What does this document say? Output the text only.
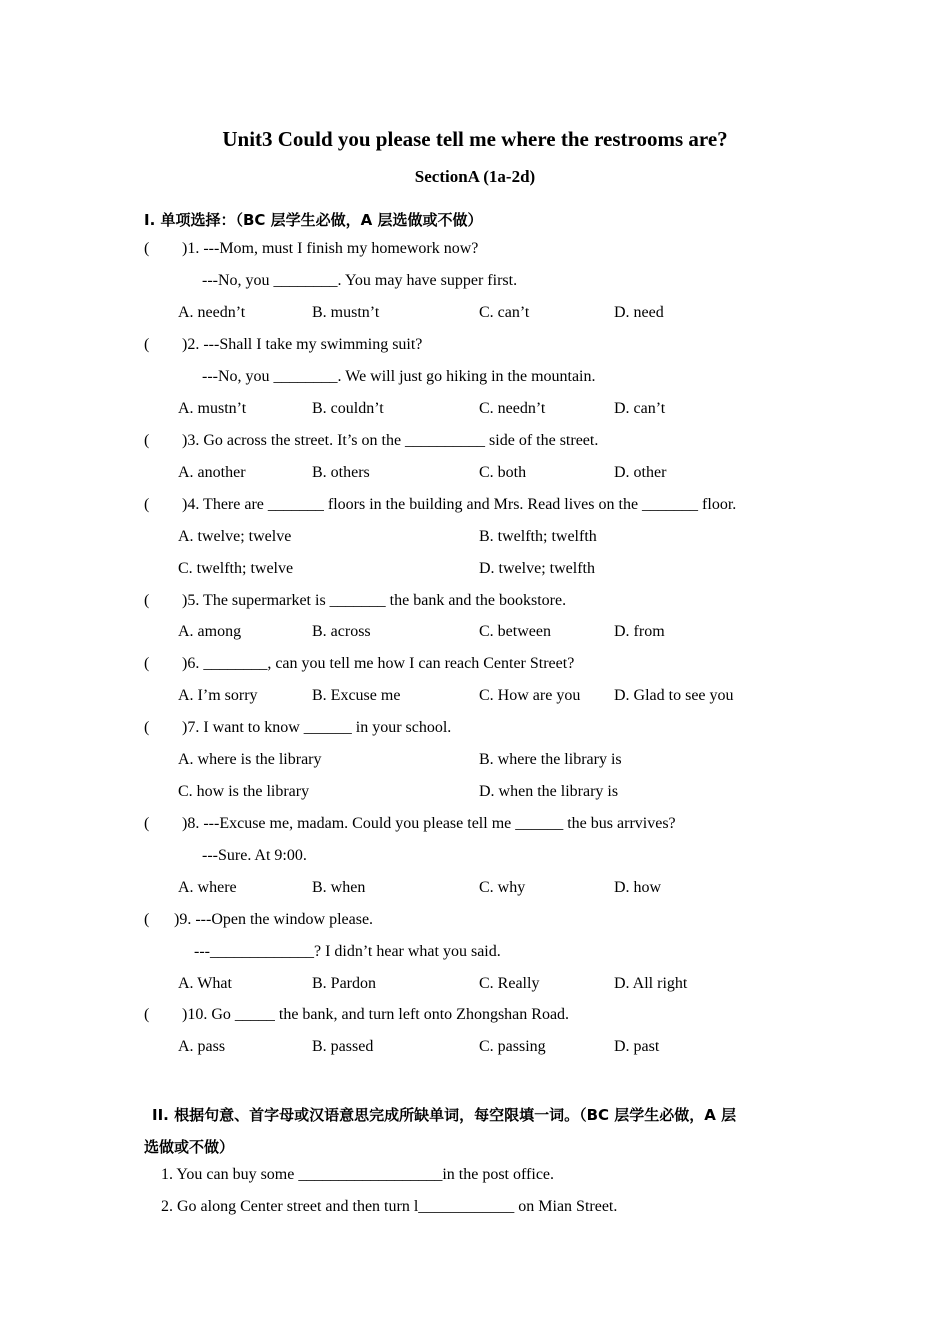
Unit3 Could you please tell me where the restrooms are?
SectionA (1a-2d)
I. 单项选择：（BC 层学生必做，A 层选做或不做）
( )1. ---Mom, must I finish my homework now?
---No, you ________. You may have supper first.
A. needn’t	B. mustn’t	C. can’t	D. need
( )2. ---Shall I take my swimming suit?
---No, you ________. We will just go hiking in the mountain.
A. mustn’t	B. couldn’t	C. needn’t	D. can’t
( )3. Go across the street. It’s on the __________ side of the street.
A. another	B. others	C. both	D. other
( )4. There are _______ floors in the building and Mrs. Read lives on the _______ floor.
A. twelve; twelve	B. twelfth; twelfth
C. twelfth; twelve	D. twelve; twelfth
( )5. The supermarket is _______ the bank and the bookstore.
A. among	B. across	C. between	D. from
( )6. ________, can you tell me how I can reach Center Street?
A. I’m sorry	B. Excuse me	C. How are you D. Glad to see you
( )7. I want to know ______ in your school.
A. where is the library	B. where the library is
C. how is the library	D. when the library is
( )8. ---Excuse me, madam. Could you please tell me ______ the bus arrvives?
---Sure. At 9:00.
A. where	B. when	C. why	D. how
( )9. ---Open the window please.
---_____________? I didn’t hear what you said.
A. What	B. Pardon	C. Really	D. All right
( )10. Go _____ the bank, and turn left onto Zhongshan Road.
A. pass	B. passed	C. passing	D. past
II. 根据句意、首字母或汉语意思完成所缺单词，每空限填一词。（BC 层学生必做，A 层
选做或不做）
1. You can buy some __________________in the post office.
2. Go along Center street and then turn l____________ on Mian Street.
